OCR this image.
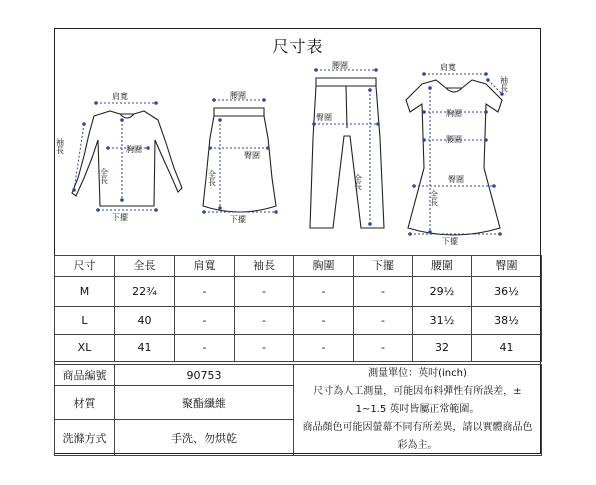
尺寸表
肩寬
袖長	胸圍
全長
下擺
腰圍
臀圍
全長
下擺
腰圍
臀圍
全長
肩寬
袖長
胸圍
腰圍
臀圍
全長
下擺
尺寸	全長	肩寬	袖長	胸圍	下擺	腰圍	臀圍
M	22¾	-	-	-	-	29½	36½
L	40	-	-	-	-	31½	38½
XL	41	-	-	-	-	32	41
商品編號	90753	測量單位：英吋(inch)
尺寸為人工測量，可能因布料彈性有所誤差，±
1~1.5 英吋皆屬正常範圍。
商品顏色可能因螢幕不同有所差異，請以實體商品色
彩為主。

材質	聚酯纖維	
洗滌方式	手洗、勿烘乾	
